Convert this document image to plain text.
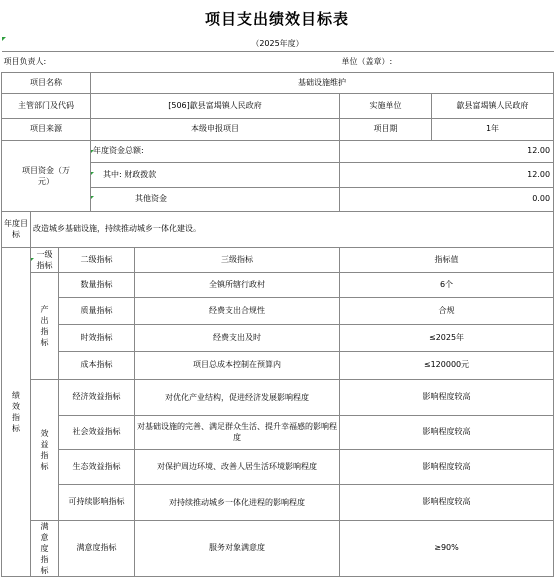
项目支出绩效目标表
（2025年度）						
项目负责人:					单位（盖章）:	
项目名称			基础设施维护			
主管部门及代码			[506]歙县富堨镇人民政府		实施单位	歙县富堨镇人民政府
项目来源			本级申报项目		项目期	1年
项目资金（万元）			年度资金总额:		12.00	
			其中: 财政拨款		12.00	
			其他资金		0.00	
年度目标	改造城乡基础设施，持续推动城乡一体化建设。					
绩效指标	一级指标	二级指标		三级指标	指标值	
	产出指标	数量指标		全镇所辖行政村	6个	
		质量指标		经费支出合规性	合规	
		时效指标		经费支出及时	≤2025年	
		成本指标		项目总成本控制在预算内	≤120000元	
	效益指标	经济效益指标		对优化产业结构，促进经济发展影响程度	影响程度较高	
		社会效益指标		对基础设施的完善、满足群众生活、提升幸福感的影响程度	影响程度较高	
		生态效益指标		对保护周边环境、改善人居生活环境影响程度	影响程度较高	
		可持续影响指标		对持续推动城乡一体化进程的影响程度	影响程度较高	
	满意度指标	满意度指标		服务对象满意度	≥90%	
